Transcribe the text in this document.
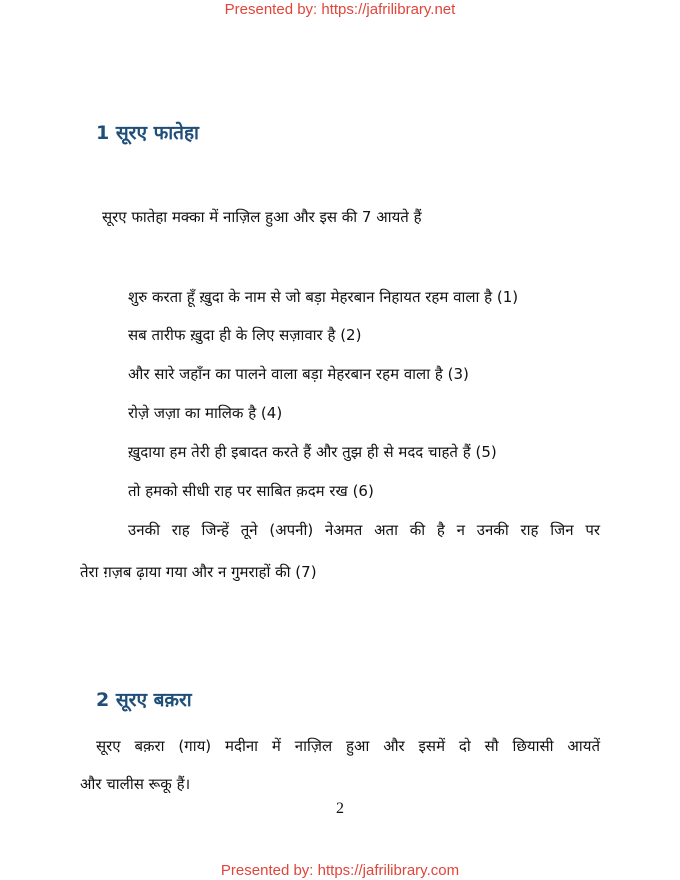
Presented by: https://jafrilibrary.net
1 सूरए फातेहा
सूरए फातेहा मक्का में नाज़िल हुआ और इस की 7 आयते हैं
शुरु करता हूँ ख़ुदा के नाम से जो बड़ा मेहरबान निहायत रहम वाला है (1)
सब तारीफ ख़ुदा ही के लिए सज़ावार है (2)
और सारे जहाँन का पालने वाला बड़ा मेहरबान रहम वाला है (3)
रोज़े जज़ा का मालिक है (4)
ख़ुदाया हम तेरी ही इबादत करते हैं और तुझ ही से मदद चाहते हैं (5)
तो हमको सीधी राह पर साबित क़दम रख (6)
उनकी राह जिन्हें तूने (अपनी) नेअमत अता की है न उनकी राह जिन पर
तेरा ग़ज़ब ढ़ाया गया और न गुमराहों की (7)
2 सूरए बक़रा
सूरए बक़रा (गाय) मदीना में नाज़िल हुआ और इसमें दो सौ छियासी आयतें
और चालीस रूकू हैं।
2
Presented by: https://jafrilibrary.com
